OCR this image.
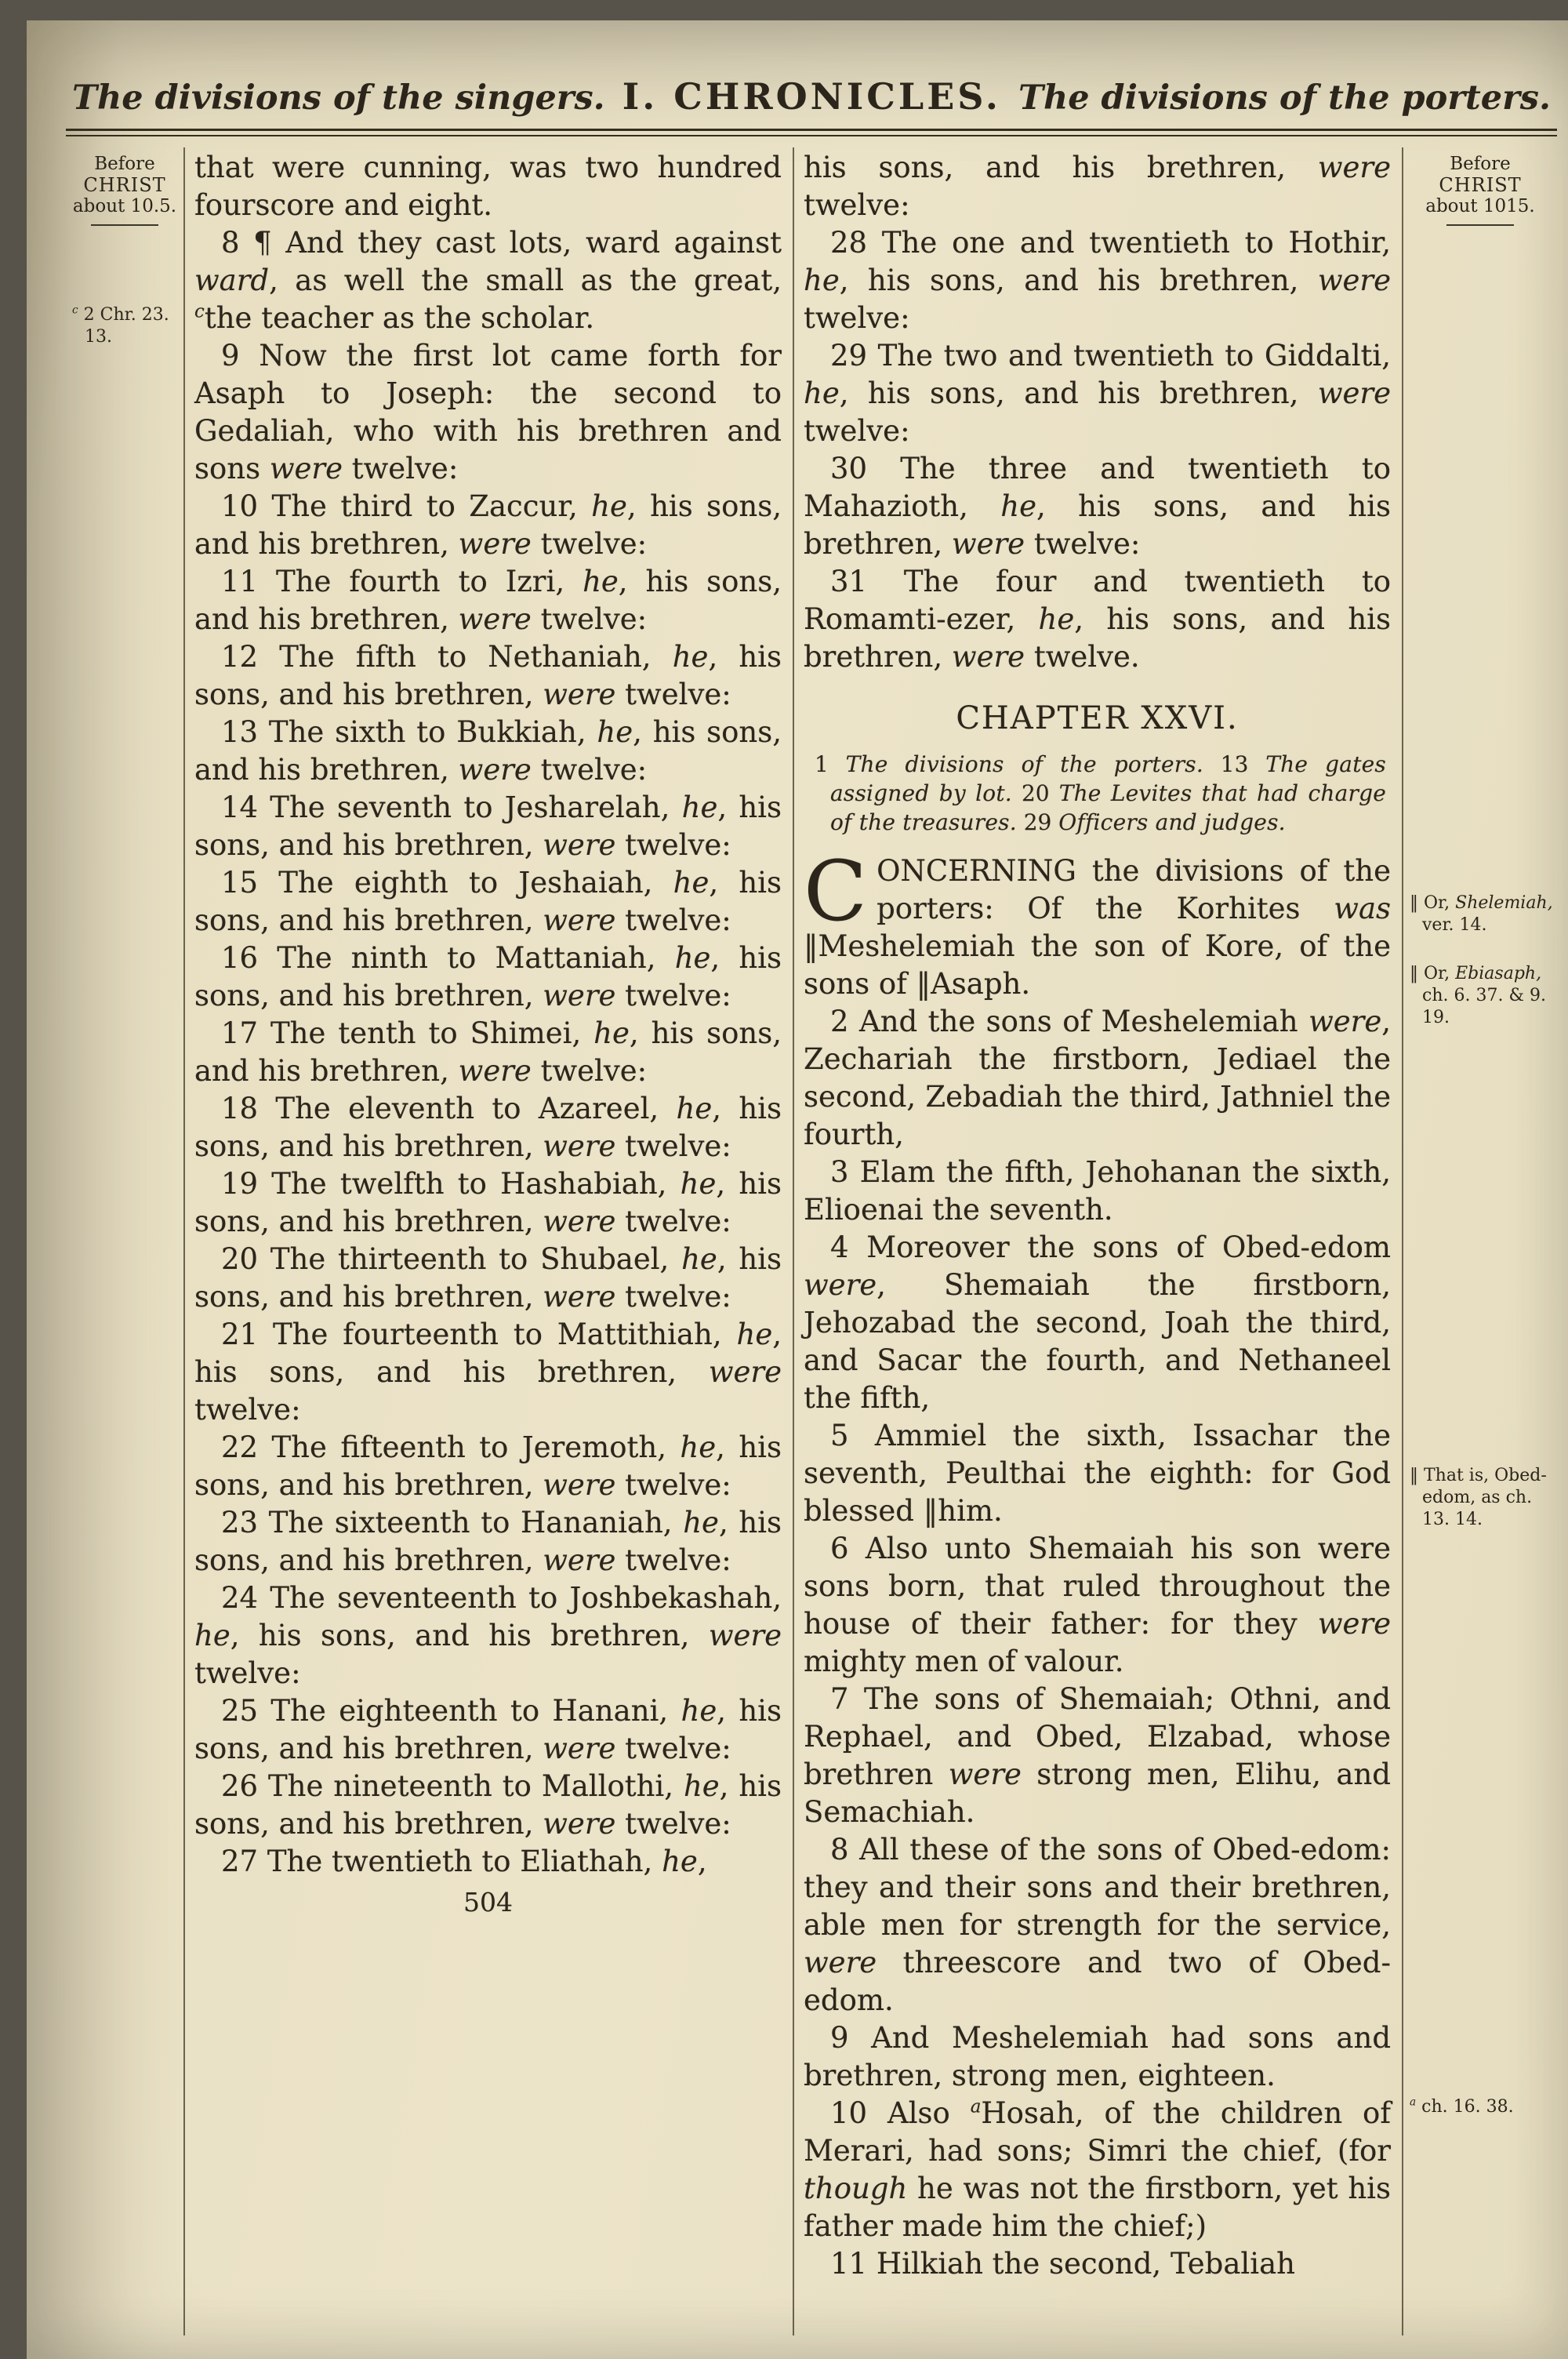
The divisions of the singers. I. CHRONICLES. The divisions of the porters.
Before
CHRIST
about 10.5.
$^c$ 2 Chr. 23. 13.

that were cunning, was two hundred fourscore and eight.

8 ¶ And they cast lots, ward against ward, as well the small as the great, $^c$the teacher as the scholar.

9 Now the first lot came forth for Asaph to Joseph: the second to Gedaliah, who with his brethren and sons were twelve:

10 The third to Zaccur, he, his sons, and his brethren, were twelve:

11 The fourth to Izri, he, his sons, and his brethren, were twelve:

12 The fifth to Nethaniah, he, his sons, and his brethren, were twelve:

13 The sixth to Bukkiah, he, his sons, and his brethren, were twelve:

14 The seventh to Jesharelah, he, his sons, and his brethren, were twelve:

15 The eighth to Jeshaiah, he, his sons, and his brethren, were twelve:

16 The ninth to Mattaniah, he, his sons, and his brethren, were twelve:

17 The tenth to Shimei, he, his sons, and his brethren, were twelve:

18 The eleventh to Azareel, he, his sons, and his brethren, were twelve:

19 The twelfth to Hashabiah, he, his sons, and his brethren, were twelve:

20 The thirteenth to Shubael, he, his sons, and his brethren, were twelve:

21 The fourteenth to Mattithiah, he, his sons, and his brethren, were twelve:

22 The fifteenth to Jeremoth, he, his sons, and his brethren, were twelve:

23 The sixteenth to Hananiah, he, his sons, and his brethren, were twelve:

24 The seventeenth to Joshbekashah, he, his sons, and his brethren, were twelve:

25 The eighteenth to Hanani, he, his sons, and his brethren, were twelve:

26 The nineteenth to Mallothi, he, his sons, and his brethren, were twelve:

27 The twentieth to Eliathah, he,

504

his sons, and his brethren, were twelve:

28 The one and twentieth to Hothir, he, his sons, and his brethren, were twelve:

29 The two and twentieth to Giddalti, he, his sons, and his brethren, were twelve:

30 The three and twentieth to Mahazioth, he, his sons, and his brethren, were twelve:

31 The four and twentieth to Romamti-ezer, he, his sons, and his brethren, were twelve.

CHAPTER XXVI.

1 The divisions of the porters. 13 The gates assigned by lot. 20 The Levites that had charge of the treasures. 29 Officers and judges.

CONCERNING the divisions of the porters: Of the Korhites was ‖Meshelemiah the son of Kore, of the sons of ‖Asaph.

2 And the sons of Meshelemiah were, Zechariah the firstborn, Jediael the second, Zebadiah the third, Jathniel the fourth,

3 Elam the fifth, Jehohanan the sixth, Elioenai the seventh.

4 Moreover the sons of Obed-edom were, Shemaiah the firstborn, Jehozabad the second, Joah the third, and Sacar the fourth, and Nethaneel the fifth,

5 Ammiel the sixth, Issachar the seventh, Peulthai the eighth: for God blessed ‖him.

6 Also unto Shemaiah his son were sons born, that ruled throughout the house of their father: for they were mighty men of valour.

7 The sons of Shemaiah; Othni, and Rephael, and Obed, Elzabad, whose brethren were strong men, Elihu, and Semachiah.

8 All these of the sons of Obed-edom: they and their sons and their brethren, able men for strength for the service, were threescore and two of Obed-edom.

9 And Meshelemiah had sons and brethren, strong men, eighteen.

10 Also $^a$Hosah, of the children of Merari, had sons; Simri the chief, (for though he was not the firstborn, yet his father made him the chief;)

11 Hilkiah the second, Tebaliah

Before
CHRIST
about 1015.
‖ Or, Shelemiah, ver. 14.
‖ Or, Ebiasaph, ch. 6. 37. & 9. 19.
‖ That is, Obed-edom, as ch. 13. 14.
$^a$ ch. 16. 38.
